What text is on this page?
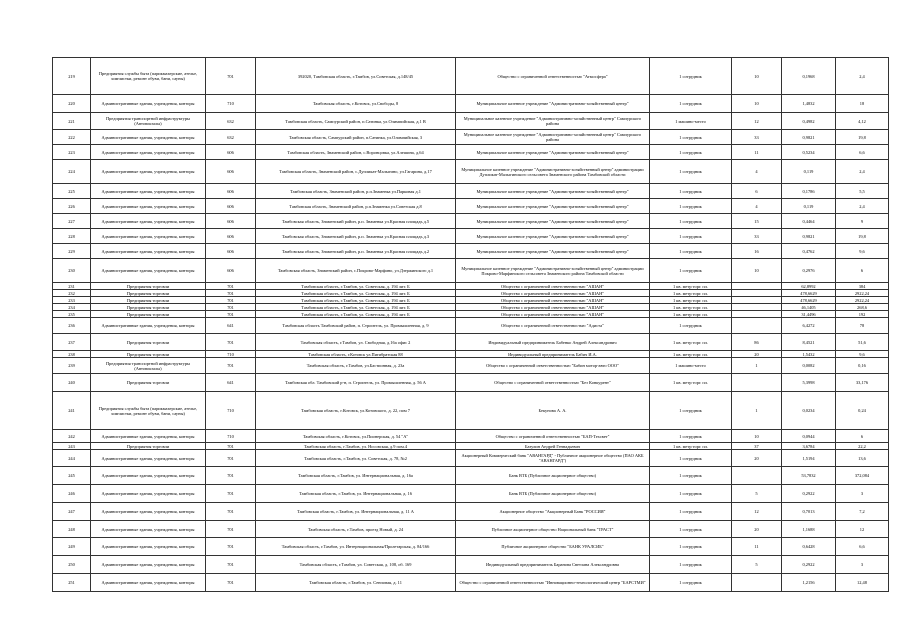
219	Предприятия службы быта (парикмахерские, ателье, химчистки, ремонт обуви, бани, сауны)	701	392020, Тамбовская область, г.Тамбов, ул.Советская, д.148/45	Общество с ограниченной ответственностью "Атмосфера"	1 сотрудник	10	0,1968	2,4
220	Административные здания, учреждения, конторы	710	Тамбовская область, г.Котовск, ул.Свободы, 8	Муниципальное казенное учреждение "Административно-хозяйственный центр"	1 сотрудник	10	1,4832	18
221	Предприятия транспортной инфраструктуры (Автовокзалы)	632	Тамбовская область, Сампурский район, п.Сатинка, ул.Олимпийская, д.1 В	Муниципальное казенное учреждение "Административно-хозяйственный центр" Сампурского района	1 машино-место	12	0,4982	4,12
222	Административные здания, учреждения, конторы	632	Тамбовская область, Сампурский район, п.Сатинка, ул.Олимпийская, 3	Муниципальное казенное учреждение "Административно-хозяйственный центр" Сампурского района	1 сотрудник	33	0,9821	19,8
223	Административные здания, учреждения, конторы	606	Тамбовская область, Знаменский район, с.Воронцовка, ул.Алешина, д.64	Муниципальное казенное учреждение "Административно-хозяйственный центр"	1 сотрудник	11	0,5234	6,6
224	Административные здания, учреждения, конторы	606	Тамбовская область, Знаменский район, с.Дупликат-Малыгино, ул.Гагарина, д.17	Муниципальное казенное учреждение "Административно-хозяйственный центр" администрации Дупликат-Малыгинского сельсовета Знаменского района Тамбовской области	1 сотрудник	4	0,119	2,4
225	Административные здания, учреждения, конторы	606	Тамбовская область, Знаменский район, р.п.Знаменка ул.Парковая д.1	Муниципальное казенное учреждение "Административно-хозяйственный центр"	1 сотрудник	6	0,1786	5,5
226	Административные здания, учреждения, конторы	606	Тамбовская область, Знаменский район, р.п.Знаменка ул.Советская д.8	Муниципальное казенное учреждение "Административно-хозяйственный центр"	1 сотрудник	4	0,119	2,4
227	Административные здания, учреждения, конторы	606	Тамбовская область, Знаменский район, р.п. Знаменка ул.Красная площадь д.5	Муниципальное казенное учреждение "Административно-хозяйственный центр"	1 сотрудник	15	0,4464	9
228	Административные здания, учреждения, конторы	606	Тамбовская область, Знаменский район, р.п. Знаменка ул.Красная площадь д.3	Муниципальное казенное учреждение "Административно-хозяйственный центр"	1 сотрудник	33	0,9821	19,8
229	Административные здания, учреждения, конторы	606	Тамбовская область, Знаменский район, р.п. Знаменка ул.Красная площадь д.2	Муниципальное казенное учреждение "Административно-хозяйственный центр"	1 сотрудник	16	0,4762	9,6
230	Административные здания, учреждения, конторы	606	Тамбовская область, Знаменский район, с.Покрово-Марфино, ул.Дзержинского д.1	Муниципальное казенное учреждение "Административно-хозяйственный центр" администрации Покрово-Марфинского сельсовета Знаменского района Тамбовской области	1 сотрудник	10	0,2976	6
231	Предприятия торговли	701	Тамбовская область, г.Тамбов, ул. Советская, д. 194 лит. Б	Общество с ограниченной ответственностью "АШАН"	1 кв. метр торг. пл.		62,8992	384
232	Предприятия торговли	701	Тамбовская область, г.Тамбов, ул. Советская, д. 194 лит. Б	Общество с ограниченной ответственностью "АШАН"	1 кв. метр торг. пл.		478,6629	2922,24
233	Предприятия торговли	701	Тамбовская область, г.Тамбов, ул. Советская, д. 194 лит. Б	Общество с ограниченной ответственностью "АШАН"	1 кв. метр торг. пл.		478,6629	2922,24
234	Предприятия торговли	701	Тамбовская область, г.Тамбов, ул. Советская, д. 194 лит. Б	Общество с ограниченной ответственностью "АШАН"	1 кв. метр торг. пл.		46,1405	268,6
235	Предприятия торговли	701	Тамбовская область, г.Тамбов, ул. Советская, д. 194 лит. Б	Общество с ограниченной ответственностью "АШАН"	1 кв. метр торг. пл.		31,4496	192
236	Административные здания, учреждения, конторы	641	Тамбовская область Тамбовский район, п. Строитель, ул. Промышленная, д. 9	Общество с ограниченной ответственностью "Адиста"	1 сотрудник		6,4272	78
237	Предприятия торговли	701	Тамбовская область, г.Тамбов, ул. Свободная, д.16а офис 2	Индивидуальный предприниматель Бабенко Андрей Александрович	1 кв. метр торг. пл.	86	8,4521	51,6
238	Предприятия торговли	710	Тамбовская область, г.Котовск ул.Пятибратская 88	Индивидуальный предприниматель Бабич И.А.	1 кв. метр торг. пл.	20	1,5432	9,6
239	Предприятия транспортной инфраструктуры (Автовокзалы)	701	Тамбовская область, г.Тамбов, ул.Бастионная, д. 23а	Общество с ограниченной ответственностью "Бабин мотор-авто ООО"	1 машино-место	1	0,0082	0,16
240	Предприятия торговли	641	Тамбовская обл. Тамбовский р-н, п. Строитель, ул. Промышленная, д. 56 А	Общество с ограниченной ответственностью "Без Конкурент"	1 кв. метр торг. пл.		5,3998	33,176
241	Предприятия службы быта (парикмахерские, ателье, химчистки, ремонт обуви, бани, сауны)	710	Тамбовская область, г.Котовск, ул.Котовского, д. 22, пом 7	Бекунова А. А.	1 сотрудник	1	0,0234	0,24
242	Административные здания, учреждения, конторы	710	Тамбовская область, г.Котовск, ул.Пионерская, д. 54 "А"	Общество с ограниченной ответственностью "БАП-Техсвет"	1 сотрудник	10	0,0944	6
243	Предприятия торговли	701	Тамбовская область, г.Тамбов, ул. Носовская, д.9 пом.4	Базулин Андрей Геннадьевич	1 кв. метр торг. пл.	37	3,6784	22,2
244	Административные здания, учреждения, конторы	701	Тамбовская область, г.Тамбов, ул. Советская, д. 78, №2	Акционерный Коммерческий банк "АВАНГАРД" - Публичное акционерное общество (ПАО АКБ "АВАНГАРД")	1 сотрудник	20	1,5194	13,6
245	Административные здания, учреждения, конторы	701	Тамбовская область, г.Тамбов, ул. Интернациональная, д. 16а	Банк ВТБ (Публичное акционерное общество)	1 сотрудник		53,7832	372,084
246	Административные здания, учреждения, конторы	701	Тамбовская область, г.Тамбов, ул. Интернациональная, д. 16	Банк ВТБ (Публичное акционерное общество)	1 сотрудник	5	0,2922	3
247	Административные здания, учреждения, конторы	701	Тамбовская область, г.Тамбов, ул. Интернациональная, д. 11 А	Акционерное общество "Акционерный Банк "РОССИЯ"	1 сотрудник	12	0,7013	7,2
248	Административные здания, учреждения, конторы	701	Тамбовская область, г.Тамбов, проезд Новый, д. 24	Публичное акционерное общество Национальный банк "ТРАСТ"	1 сотрудник	20	1,1688	12
249	Административные здания, учреждения, конторы	701	Тамбовская область, г.Тамбов, ул. Интернациональная/Пролетарская, д. 84/166	Публичное акционерное общество "БАНК УРАЛСИБ"	1 сотрудник	11	0,6428	6,6
250	Административные здания, учреждения, конторы	701	Тамбовская область, г.Тамбов, ул. Советская, д. 108, об. 169	Индивидуальный предприниматель Баранова Светлана Александровна	1 сотрудник	5	0,2922	3
251	Административные здания, учреждения, конторы	701	Тамбовская область, г.Тамбов, ул. Сенповая, д. 11	Общество с ограниченной ответственностью "Инновационно-технологический центр "БАРСТМИ"	1 сотрудник		1,2156	12,48
